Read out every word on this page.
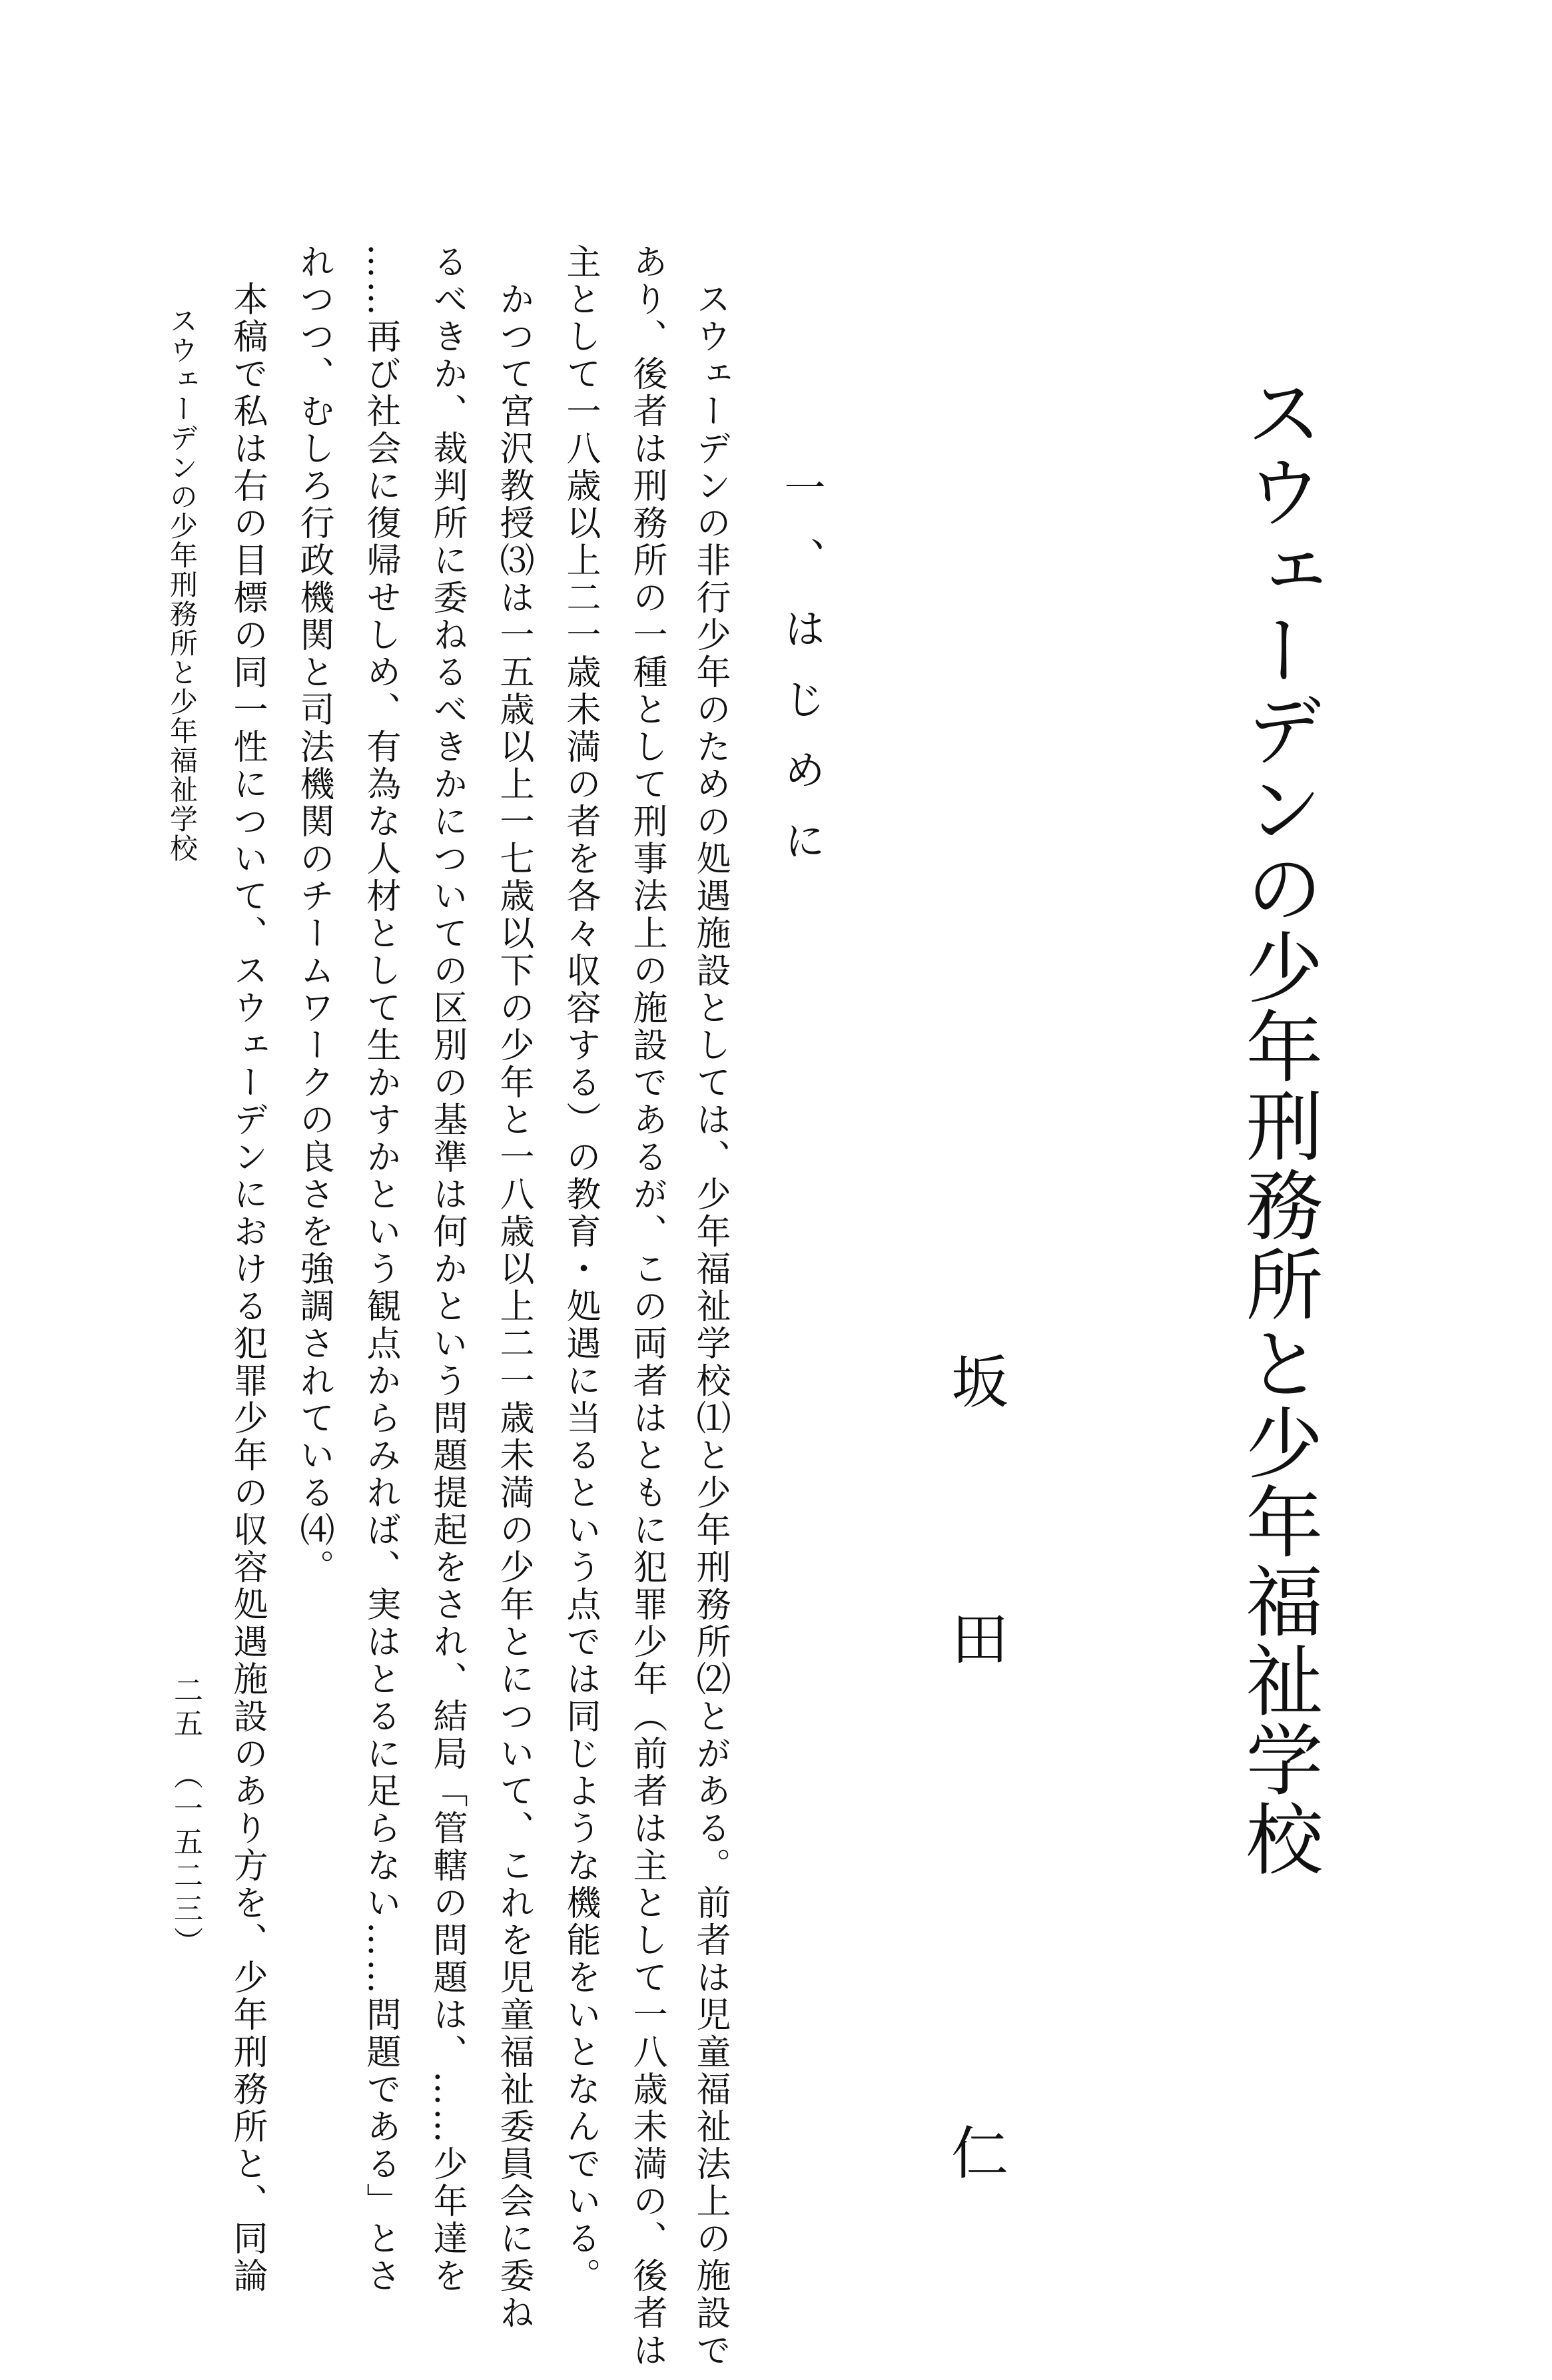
スウェーデンの少年刑務所と少年福祉学校
坂田　仁
一、はじめに
　スウェーデンの非行少年のための処遇施設としては、少年福祉学校⑴と少年刑務所⑵とがある。前者は児童福祉法上の施設で
あり、後者は刑務所の一種として刑事法上の施設であるが、この両者はともに犯罪少年（前者は主として一八歳未満の、後者は
主として一八歳以上二一歳未満の者を各々収容する）の教育・処遇に当るという点では同じような機能をいとなんでいる。
　かつて宮沢教授⑶は一五歳以上一七歳以下の少年と一八歳以上二一歳未満の少年とについて、これを児童福祉委員会に委ね
るべきか、裁判所に委ねるべきかについての区別の基準は何かという問題提起をされ、結局「管轄の問題は、……少年達を
……再び社会に復帰せしめ、有為な人材として生かすかという観点からみれば、実はとるに足らない……問題である」とさ
れつつ、むしろ行政機関と司法機関のチームワークの良さを強調されている⑷。
　本稿で私は右の目標の同一性について、スウェーデンにおける犯罪少年の収容処遇施設のあり方を、少年刑務所と、同論
スウェーデンの少年刑務所と少年福祉学校
二五　（一五二三）
